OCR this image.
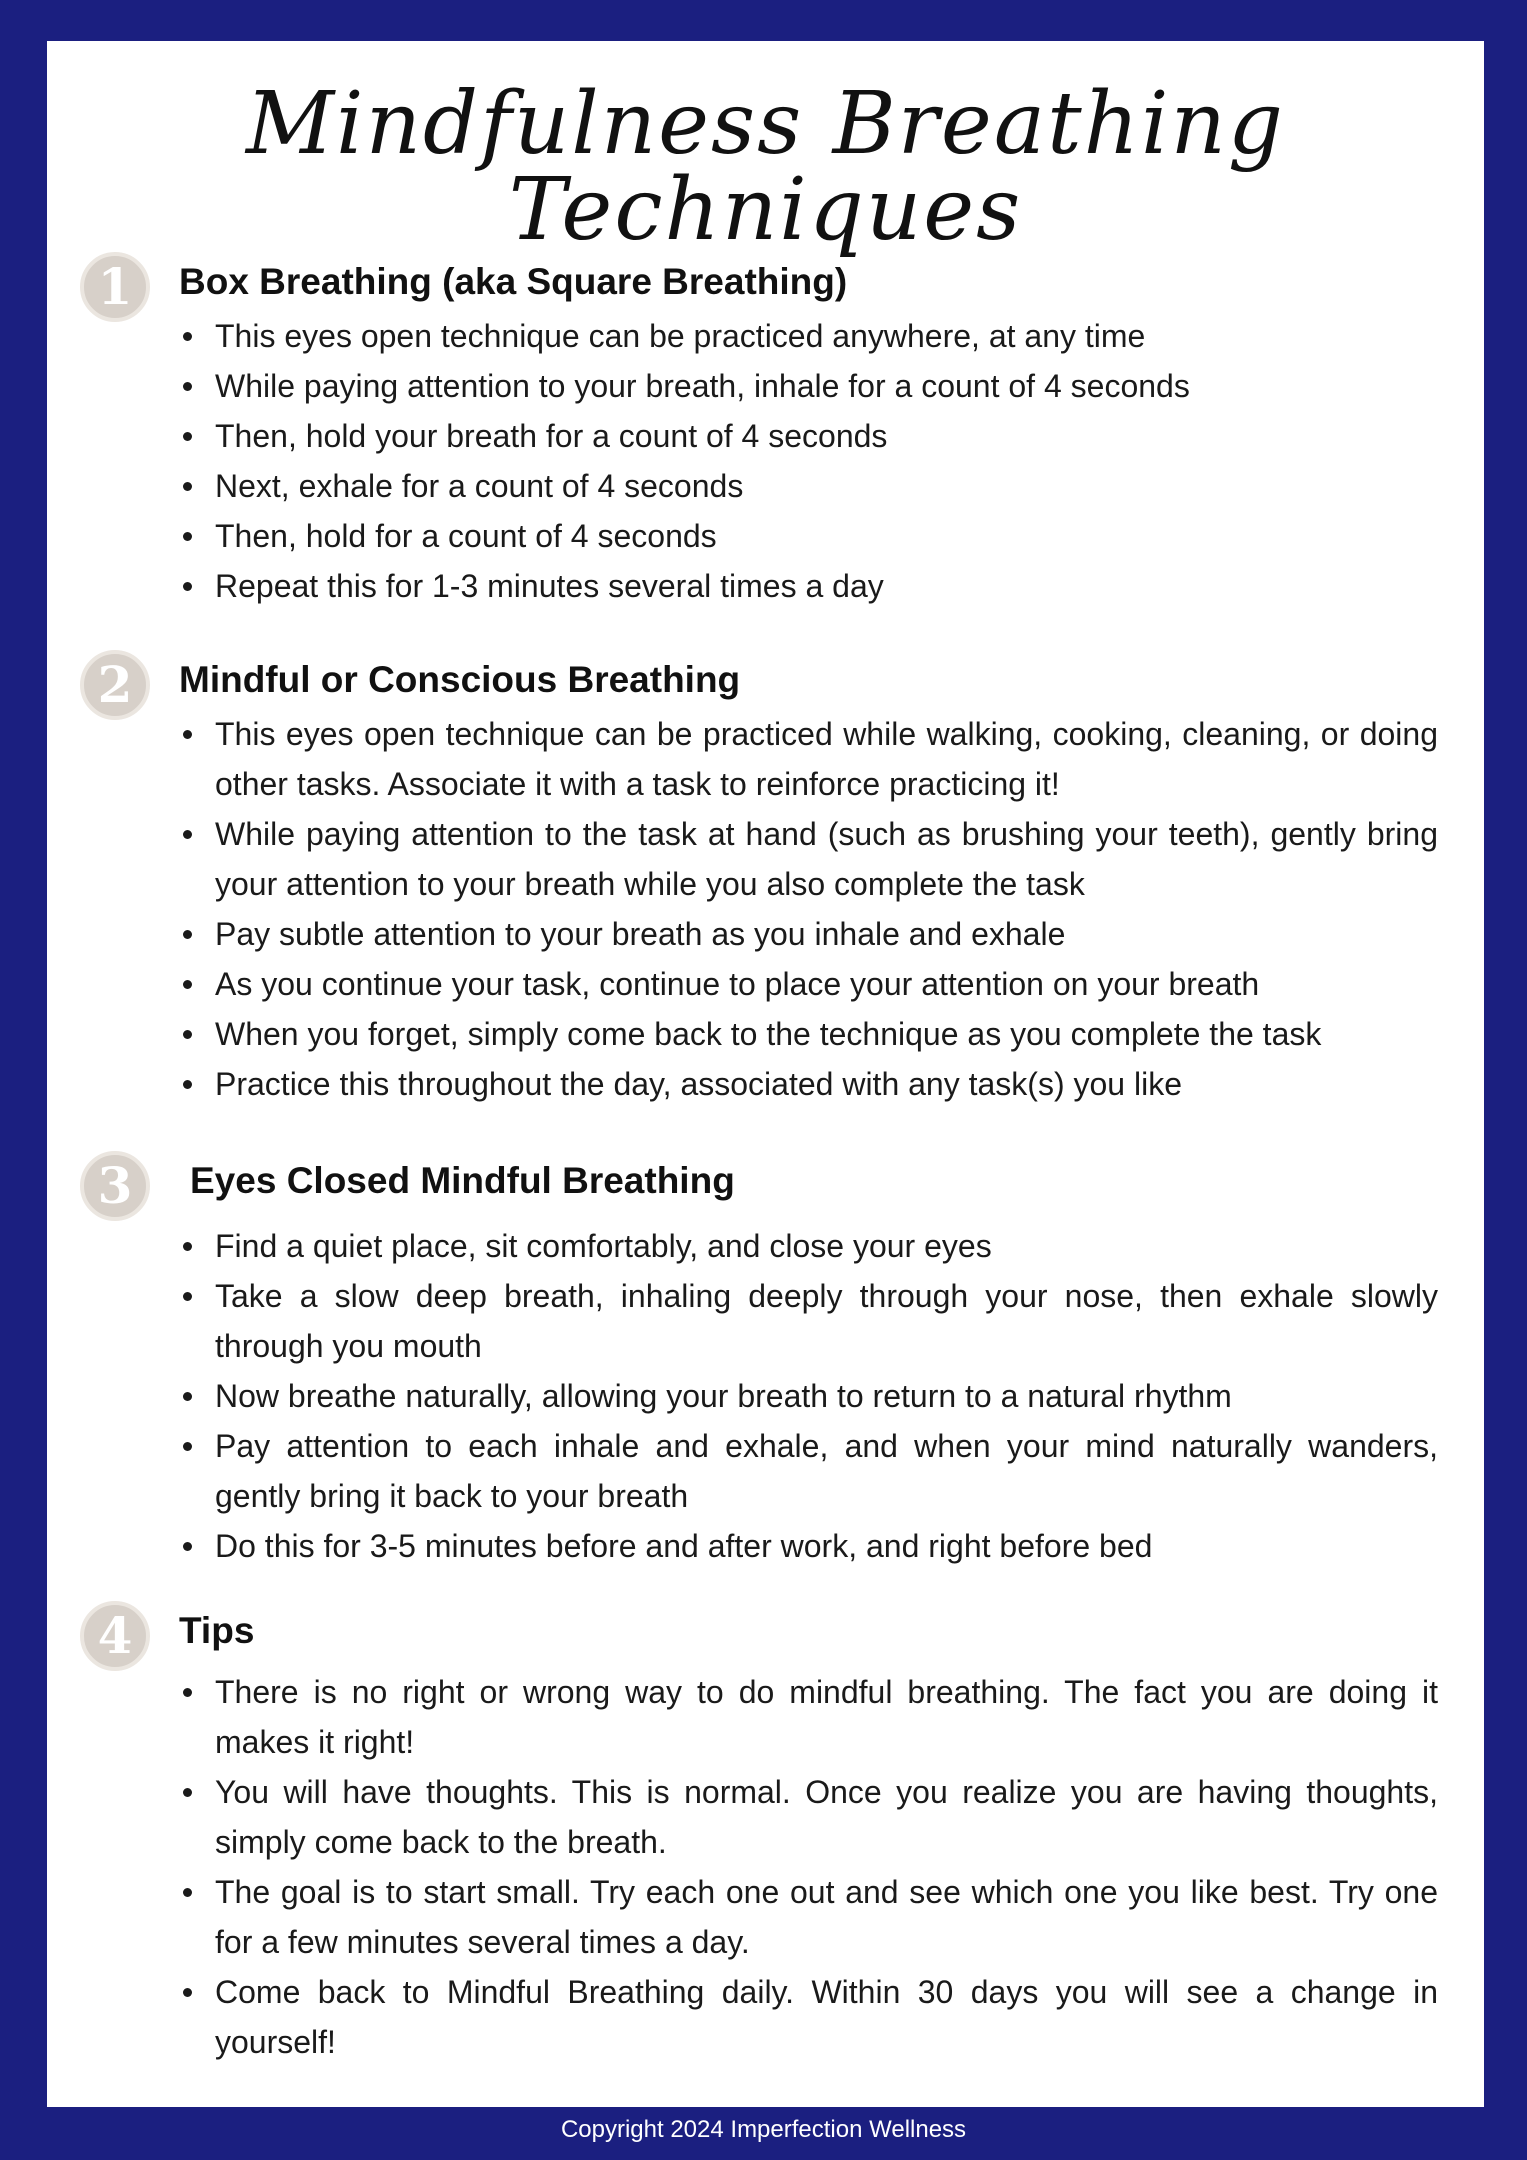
Mindfulness Breathing Techniques
1	Box Breathing (aka Square Breathing)
This eyes open technique can be practiced anywhere, at any time
While paying attention to your breath, inhale for a count of 4 seconds
Then, hold your breath for a count of 4 seconds
Next, exhale for a count of 4 seconds
Then, hold for a count of 4 seconds
Repeat this for 1-3 minutes several times a day
2	Mindful or Conscious Breathing
This eyes open technique can be practiced while walking, cooking, cleaning, or doing other tasks. Associate it with a task to reinforce practicing it!
While paying attention to the task at hand (such as brushing your teeth), gently bring your attention to your breath while you also complete the task
Pay subtle attention to your breath as you inhale and exhale
As you continue your task, continue to place your attention on your breath
When you forget, simply come back to the technique as you complete the task
Practice this throughout the day, associated with any task(s) you like
3	Eyes Closed Mindful Breathing
Find a quiet place, sit comfortably, and close your eyes
Take a slow deep breath, inhaling deeply through your nose, then exhale slowly through you mouth
Now breathe naturally, allowing your breath to return to a natural rhythm
Pay attention to each inhale and exhale, and when your mind naturally wanders, gently bring it back to your breath
Do this for 3-5 minutes before and after work, and right before bed
4	Tips
There is no right or wrong way to do mindful breathing. The fact you are doing it makes it right!
You will have thoughts. This is normal. Once you realize you are having thoughts, simply come back to the breath.
The goal is to start small. Try each one out and see which one you like best. Try one for a few minutes several times a day.
Come back to Mindful Breathing daily. Within 30 days you will see a change in yourself!
Copyright 2024 Imperfection Wellness
